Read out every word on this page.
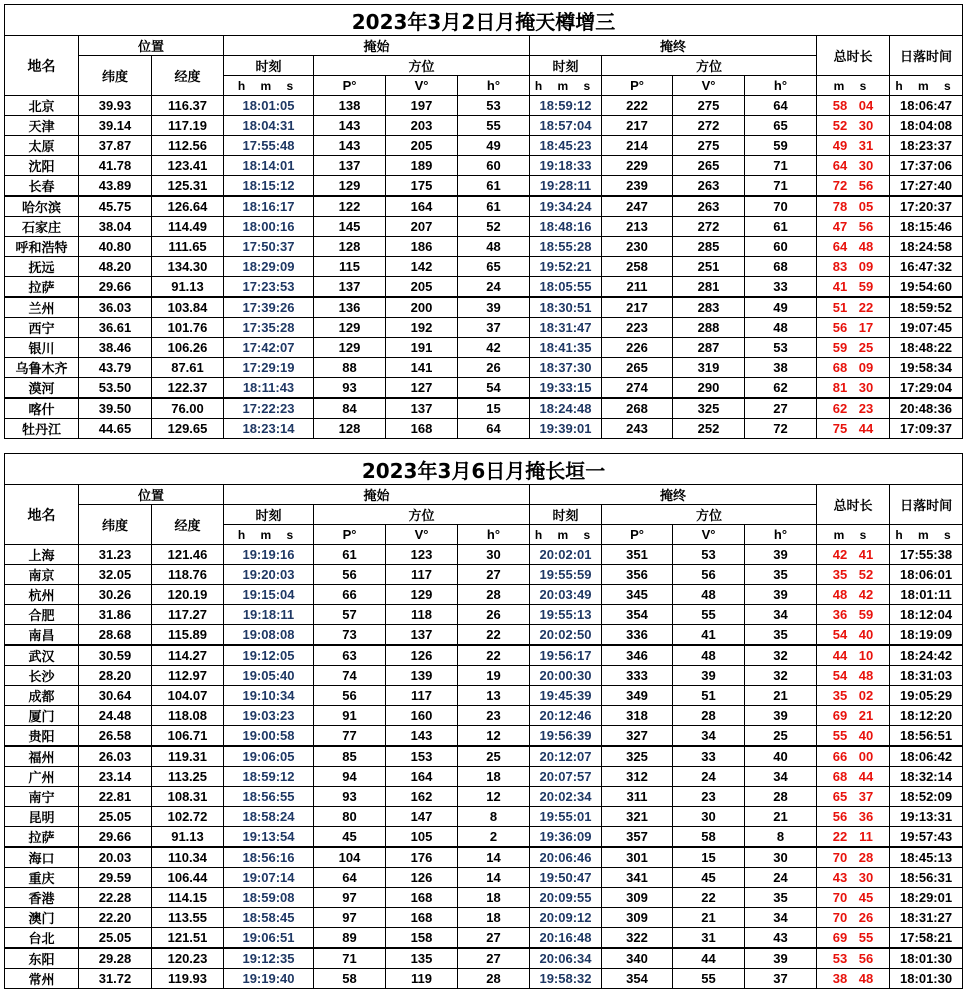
2023年3月2日月掩天樽增三												
地名	位置		掩始				掩终				总时长	日落时间
	纬度	经度	时刻	方位			时刻	方位				
			h m s	P°	V°	h°	h m s	P°	V°	h°	m s	h m s
北京	39.93	116.37	18:01:05	138	197	53	18:59:12	222	275	64	58 04	18:06:47
天津	39.14	117.19	18:04:31	143	203	55	18:57:04	217	272	65	52 30	18:04:08
太原	37.87	112.56	17:55:48	143	205	49	18:45:23	214	275	59	49 31	18:23:37
沈阳	41.78	123.41	18:14:01	137	189	60	19:18:33	229	265	71	64 30	17:37:06
长春	43.89	125.31	18:15:12	129	175	61	19:28:11	239	263	71	72 56	17:27:40
哈尔滨	45.75	126.64	18:16:17	122	164	61	19:34:24	247	263	70	78 05	17:20:37
石家庄	38.04	114.49	18:00:16	145	207	52	18:48:16	213	272	61	47 56	18:15:46
呼和浩特	40.80	111.65	17:50:37	128	186	48	18:55:28	230	285	60	64 48	18:24:58
抚远	48.20	134.30	18:29:09	115	142	65	19:52:21	258	251	68	83 09	16:47:32
拉萨	29.66	91.13	17:23:53	137	205	24	18:05:55	211	281	33	41 59	19:54:60
兰州	36.03	103.84	17:39:26	136	200	39	18:30:51	217	283	49	51 22	18:59:52
西宁	36.61	101.76	17:35:28	129	192	37	18:31:47	223	288	48	56 17	19:07:45
银川	38.46	106.26	17:42:07	129	191	42	18:41:35	226	287	53	59 25	18:48:22
乌鲁木齐	43.79	87.61	17:29:19	88	141	26	18:37:30	265	319	38	68 09	19:58:34
漠河	53.50	122.37	18:11:43	93	127	54	19:33:15	274	290	62	81 30	17:29:04
喀什	39.50	76.00	17:22:23	84	137	15	18:24:48	268	325	27	62 23	20:48:36
牡丹江	44.65	129.65	18:23:14	128	168	64	19:39:01	243	252	72	75 44	17:09:37
2023年3月6日月掩长垣一												
地名	位置		掩始				掩终				总时长	日落时间
	纬度	经度	时刻	方位			时刻	方位				
			h m s	P°	V°	h°	h m s	P°	V°	h°	m s	h m s
上海	31.23	121.46	19:19:16	61	123	30	20:02:01	351	53	39	42 41	17:55:38
南京	32.05	118.76	19:20:03	56	117	27	19:55:59	356	56	35	35 52	18:06:01
杭州	30.26	120.19	19:15:04	66	129	28	20:03:49	345	48	39	48 42	18:01:11
合肥	31.86	117.27	19:18:11	57	118	26	19:55:13	354	55	34	36 59	18:12:04
南昌	28.68	115.89	19:08:08	73	137	22	20:02:50	336	41	35	54 40	18:19:09
武汉	30.59	114.27	19:12:05	63	126	22	19:56:17	346	48	32	44 10	18:24:42
长沙	28.20	112.97	19:05:40	74	139	19	20:00:30	333	39	32	54 48	18:31:03
成都	30.64	104.07	19:10:34	56	117	13	19:45:39	349	51	21	35 02	19:05:29
厦门	24.48	118.08	19:03:23	91	160	23	20:12:46	318	28	39	69 21	18:12:20
贵阳	26.58	106.71	19:00:58	77	143	12	19:56:39	327	34	25	55 40	18:56:51
福州	26.03	119.31	19:06:05	85	153	25	20:12:07	325	33	40	66 00	18:06:42
广州	23.14	113.25	18:59:12	94	164	18	20:07:57	312	24	34	68 44	18:32:14
南宁	22.81	108.31	18:56:55	93	162	12	20:02:34	311	23	28	65 37	18:52:09
昆明	25.05	102.72	18:58:24	80	147	8	19:55:01	321	30	21	56 36	19:13:31
拉萨	29.66	91.13	19:13:54	45	105	2	19:36:09	357	58	8	22 11	19:57:43
海口	20.03	110.34	18:56:16	104	176	14	20:06:46	301	15	30	70 28	18:45:13
重庆	29.59	106.44	19:07:14	64	126	14	19:50:47	341	45	24	43 30	18:56:31
香港	22.28	114.15	18:59:08	97	168	18	20:09:55	309	22	35	70 45	18:29:01
澳门	22.20	113.55	18:58:45	97	168	18	20:09:12	309	21	34	70 26	18:31:27
台北	25.05	121.51	19:06:51	89	158	27	20:16:48	322	31	43	69 55	17:58:21
东阳	29.28	120.23	19:12:35	71	135	27	20:06:34	340	44	39	53 56	18:01:30
常州	31.72	119.93	19:19:40	58	119	28	19:58:32	354	55	37	38 48	18:01:30
